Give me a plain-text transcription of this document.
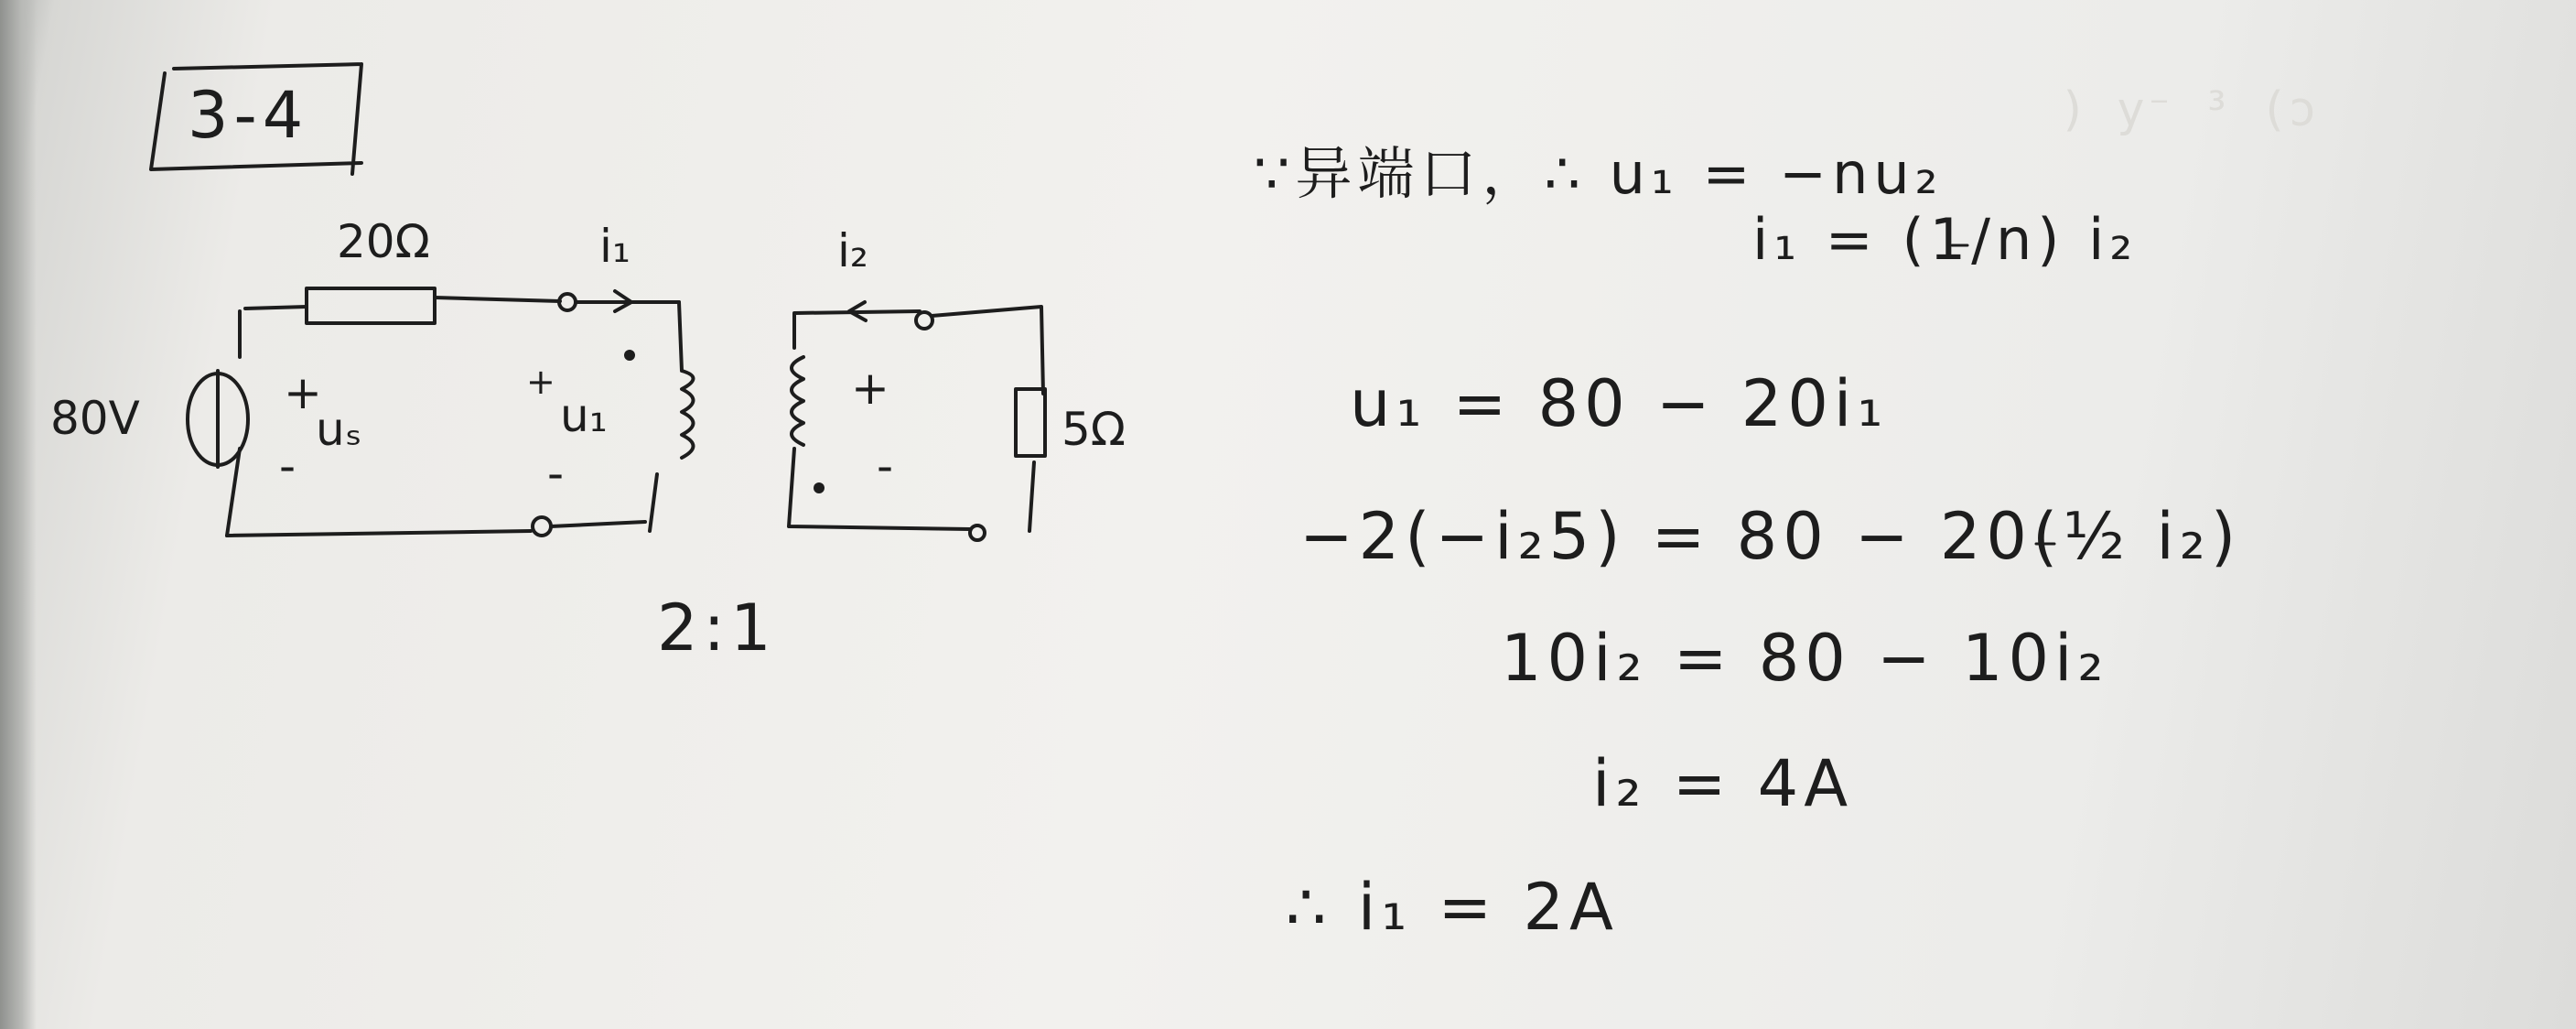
) y⁻ ³ (ɔ
3-4
20Ω	i₁	i₂
80V	+
uₛ
-
+
u₁
-
+
-
5Ω
2:1
∵异端口，∴ u₁ = −nu₂
i₁ = (1/n) i₂
u₁ = 80 − 20i₁
−2(−i₂5) = 80 − 20(½ i₂)
10i₂ = 80 − 10i₂
i₂ = 4A
∴ i₁ = 2A
